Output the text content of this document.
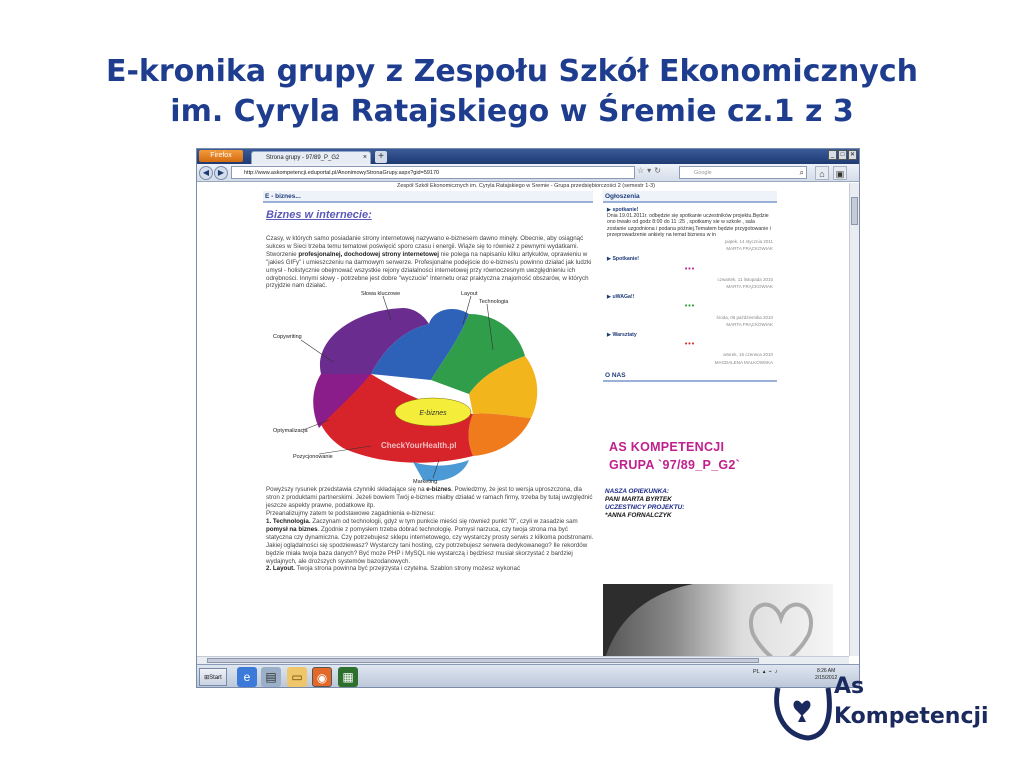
E-kronika grupy z Zespołu Szkół Ekonomicznych
im. Cyryla Ratajskiego w Śremie cz.1 z 3
Firefox	Strona grupy - 97/89_P_G2	×	+	_	□ ✕
◀	▶	http://www.askompetencji.eduportal.pl/AnonimowyStronaGrupy.aspx?gid=59170	☆ ▾ ↻	Google	⌕	⌂	▣
Zespół Szkół Ekonomicznych im. Cyryla Ratajskiego w Śremie - Grupa przedsiębiorczości 2 (semestr 1-3)
E - biznes...
Biznes w internecie:
Czasy, w których samo posiadanie strony internetowej nazywano e-biznesem dawno minęły. Obecnie, aby osiągnąć sukces w Sieci trzeba temu tematowi poświęcić sporo czasu i energii. Wiąże się to również z pewnymi wydatkami.
Stworzenie profesjonalnej, dochodowej strony internetowej nie polega na napisaniu kilku artykułów, oprawieniu w "jakieś GIFy" i umieszczeniu na darmowym serwerze. Profesjonalne podejście do e-biznes'u powinno działać jak ludzki umysł - holistycznie obejmować wszystkie rejony działalności internetowej przy równoczesnym uwzględnieniu ich odrębności. Innymi słowy - potrzebne jest dobre "wyczucie" Internetu oraz praktyczna znajomość obszarów, w których przyjdzie nam działać.
E-biznes
Słowa kluczowe	Layout
Technologia
Copywriting
Optymalizacja
Pozycjonowanie
Marketing
CheckYourHealth.pl
Powyższy rysunek przedstawia czynniki składające się na e-biznes. Powiedzmy, że jest to wersja uproszczona, dla stron z produktami partnerskimi. Jeżeli bowiem Twój e-biznes miałby działać w ramach firmy, trzeba by tutaj uwzględnić jeszcze aspekty prawne, podatkowe itp.
Przeanalizujmy zatem te podstawowe zagadnienia e-biznesu:
1. Technologia. Zaczynam od technologii, gdyż w tym punkcie mieści się również punkt "0", czyli w zasadzie sam pomysł na biznes. Zgodnie z pomysłem trzeba dobrać technologię. Pomysł narzuca, czy twoja strona ma być statyczna czy dynamiczna. Czy potrzebujesz sklepu internetowego, czy wystarczy prosty serwis z kilkoma podstronami. Jakiej oglądalności się spodziewasz? Wystarczy tani hosting, czy potrzebujesz serwera dedykowanego? Ile rekordów będzie miała twoja baza danych? Być może PHP i MySQL nie wystarczą i będziesz musiał skorzystać z bardziej wydajnych, ale droższych systemów bazodanowych.
2. Layout. Twoja strona powinna być przejrzysta i czytelna. Szablon strony możesz wykonać
Ogłoszenia
▶ spotkanie!
Dnia 19.01.2011r. odbędzie się spotkanie uczestników projektu.Będzie ono trwało od godz 8:00 do 11 :25 , spotkamy sie w szkole , sala zostanie uzgodniona i podana później.Tematem będzie przygotowanie i przeprowadzenie ankiety na temat biznesu w in
piątek, 14 stycznia 2011
MARTA FRĄCKOWIAK
▶ Spotkanie!
•••
czwartek, 11 listopada 2010
MARTA FRĄCKOWIAK
▶ uWAGa!!
•••
środa, 06 października 2010
MARTA FRĄCKOWIAK
▶ Warsztaty
•••
wtorek, 15 czerwca 2010
MAGDALENA MALKOWSKA
O NAS
AS KOMPETENCJI
GRUPA `97/89_P_G2`
NASZA OPIEKUNKA:
PANI MARTA BYRTEK
UCZESTNICY PROJEKTU:
*ANNA FORNALCZYK
⊞Start	e	▤	▭	◉	▦	PL ▴ ⌁ ♪	8:26 AM
2/15/2012
As
Kompetencji
